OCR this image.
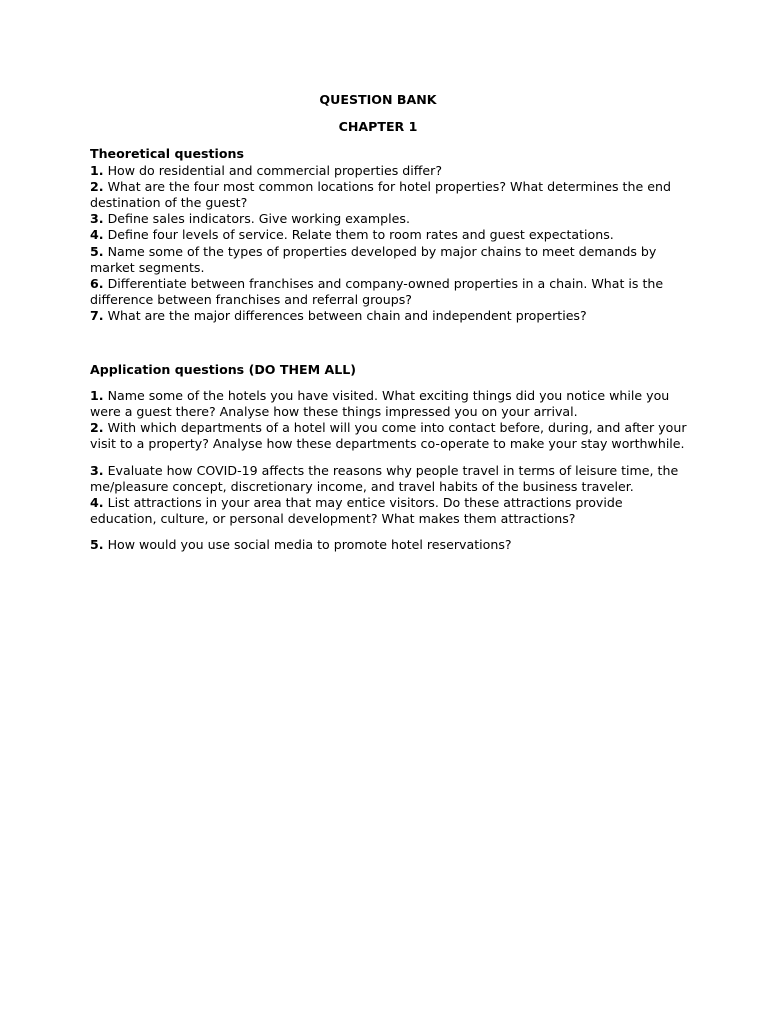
QUESTION BANK

CHAPTER 1

Theoretical questions

1. How do residential and commercial properties differ?

2. What are the four most common locations for hotel properties? What determines the end destination of the guest?

3. Define sales indicators. Give working examples.

4. Define four levels of service. Relate them to room rates and guest expectations.

5. Name some of the types of properties developed by major chains to meet demands by market segments.

6. Differentiate between franchises and company-owned properties in a chain. What is the difference between franchises and referral groups?

7. What are the major differences between chain and independent properties?

Application questions (DO THEM ALL)

1. Name some of the hotels you have visited. What exciting things did you notice while you were a guest there? Analyse how these things impressed you on your arrival.

2. With which departments of a hotel will you come into contact before, during, and after your visit to a property? Analyse how these departments co-operate to make your stay worthwhile.

3. Evaluate how COVID-19 affects the reasons why people travel in terms of leisure time, the me/pleasure concept, discretionary income, and travel habits of the business traveler.

4. List attractions in your area that may entice visitors. Do these attractions provide education, culture, or personal development? What makes them attractions?

5. How would you use social media to promote hotel reservations?
